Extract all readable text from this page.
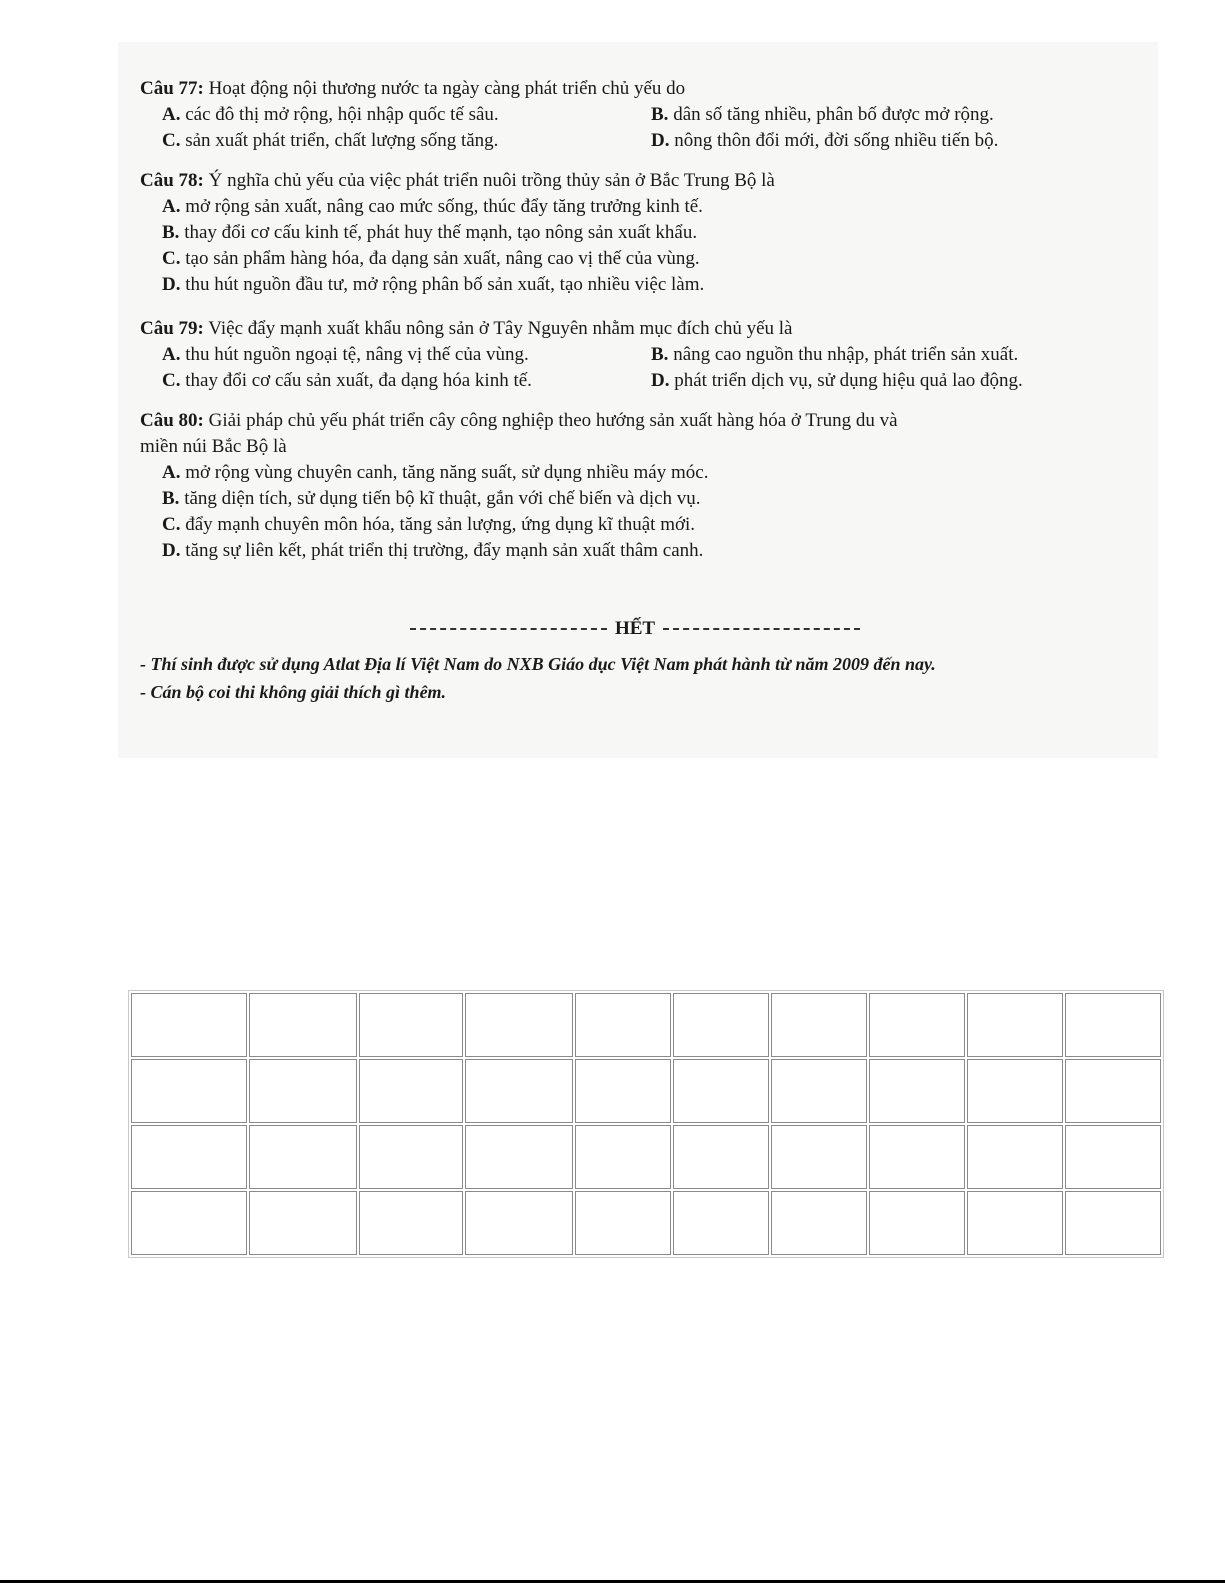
Câu 77: Hoạt động nội thương nước ta ngày càng phát triển chủ yếu do
A. các đô thị mở rộng, hội nhập quốc tế sâu.	B. dân số tăng nhiều, phân bố được mở rộng.
C. sản xuất phát triển, chất lượng sống tăng.	D. nông thôn đổi mới, đời sống nhiều tiến bộ.
Câu 78: Ý nghĩa chủ yếu của việc phát triển nuôi trồng thủy sản ở Bắc Trung Bộ là
A. mở rộng sản xuất, nâng cao mức sống, thúc đẩy tăng trưởng kinh tế.
B. thay đổi cơ cấu kinh tế, phát huy thế mạnh, tạo nông sản xuất khẩu.
C. tạo sản phẩm hàng hóa, đa dạng sản xuất, nâng cao vị thế của vùng.
D. thu hút nguồn đầu tư, mở rộng phân bố sản xuất, tạo nhiều việc làm.
Câu 79: Việc đẩy mạnh xuất khẩu nông sản ở Tây Nguyên nhằm mục đích chủ yếu là
A. thu hút nguồn ngoại tệ, nâng vị thế của vùng.	B. nâng cao nguồn thu nhập, phát triển sản xuất.
C. thay đổi cơ cấu sản xuất, đa dạng hóa kinh tế.	D. phát triển dịch vụ, sử dụng hiệu quả lao động.
Câu 80: Giải pháp chủ yếu phát triển cây công nghiệp theo hướng sản xuất hàng hóa ở Trung du và
miền núi Bắc Bộ là
A. mở rộng vùng chuyên canh, tăng năng suất, sử dụng nhiều máy móc.
B. tăng diện tích, sử dụng tiến bộ kĩ thuật, gắn với chế biến và dịch vụ.
C. đẩy mạnh chuyên môn hóa, tăng sản lượng, ứng dụng kĩ thuật mới.
D. tăng sự liên kết, phát triển thị trường, đẩy mạnh sản xuất thâm canh.
HẾT
- Thí sinh được sử dụng Atlat Địa lí Việt Nam do NXB Giáo dục Việt Nam phát hành từ năm 2009 đến nay.
- Cán bộ coi thi không giải thích gì thêm.
